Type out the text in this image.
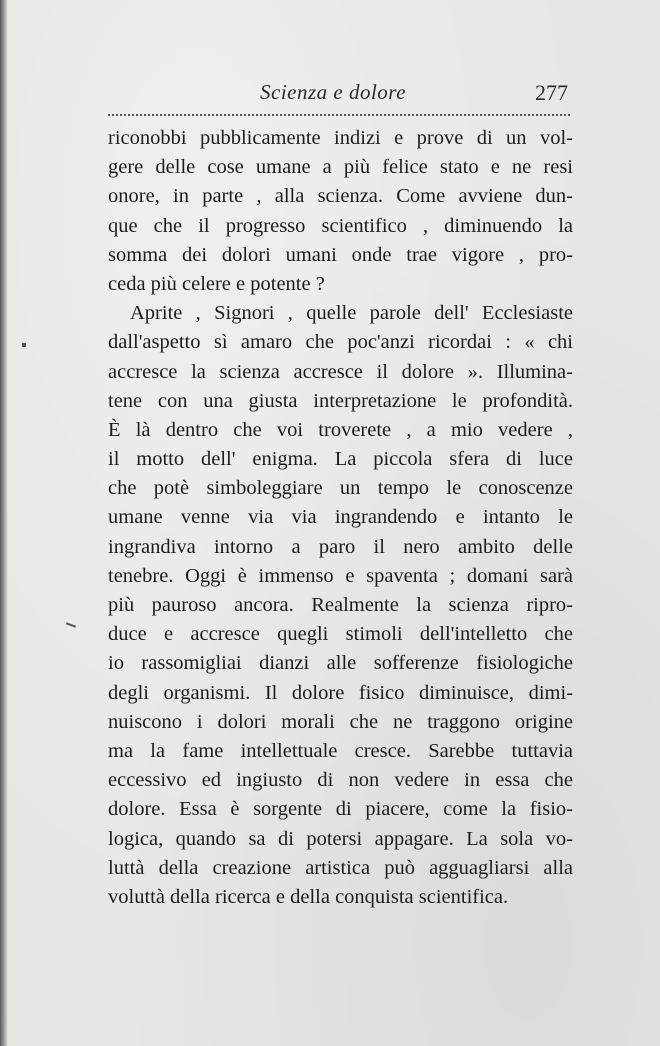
Scienza e dolore	277
riconobbi pubblicamente indizi e prove di un vol-
gere delle cose umane a più felice stato e ne resi
onore, in parte , alla scienza. Come avviene dun-
que che il progresso scientifico , diminuendo la
somma dei dolori umani onde trae vigore , pro-
ceda più celere e potente ?
Aprite , Signori , quelle parole dell' Ecclesiaste
dall'aspetto sì amaro che poc'anzi ricordai : « chi
accresce la scienza accresce il dolore ». Illumina-
tene con una giusta interpretazione le profondità.
È là dentro che voi troverete , a mio vedere ,
il motto dell' enigma. La piccola sfera di luce
che potè simboleggiare un tempo le conoscenze
umane venne via via ingrandendo e intanto le
ingrandiva intorno a paro il nero ambito delle
tenebre. Oggi è immenso e spaventa ; domani sarà
più pauroso ancora. Realmente la scienza ripro-
duce e accresce quegli stimoli dell'intelletto che
io rassomigliai dianzi alle sofferenze fisiologiche
degli organismi. Il dolore fisico diminuisce, dimi-
nuiscono i dolori morali che ne traggono origine
ma la fame intellettuale cresce. Sarebbe tuttavia
eccessivo ed ingiusto di non vedere in essa che
dolore. Essa è sorgente di piacere, come la fisio-
logica, quando sa di potersi appagare. La sola vo-
luttà della creazione artistica può agguagliarsi alla
voluttà della ricerca e della conquista scientifica.
